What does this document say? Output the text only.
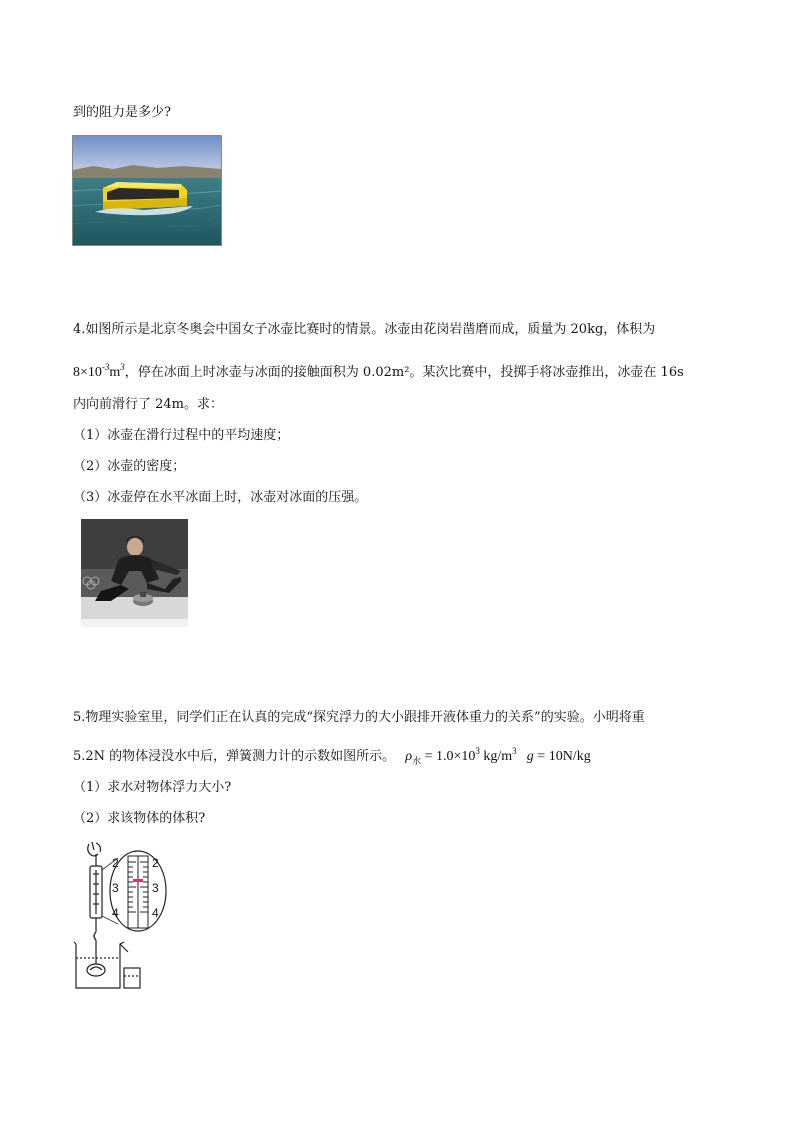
到的阻力是多少?
4.如图所示是北京冬奥会中国女子冰壶比赛时的情景。冰壶由花岗岩凿磨而成，质量为 20kg，体积为
$8\times 10^{-3}m^3$，停在冰面上时冰壶与冰面的接触面积为 0.02m²。某次比赛中，投掷手将冰壶推出，冰壶在 16s
内向前滑行了 24m。求：
（1）冰壶在滑行过程中的平均速度；
（2）冰壶的密度；
（3）冰壶停在水平冰面上时，冰壶对冰面的压强。
5.物理实验室里，同学们正在认真的完成“探究浮力的大小跟排开液体重力的关系”的实验。小明将重
5.2N 的物体浸没水中后，弹簧测力计的示数如图所示。 $\rho_水 = 1.0\times 10^3$ $kg/m^3$ g = 10N/kg
（1）求水对物体浮力大小?
（2）求该物体的体积?
2
3
4
2
3
4
